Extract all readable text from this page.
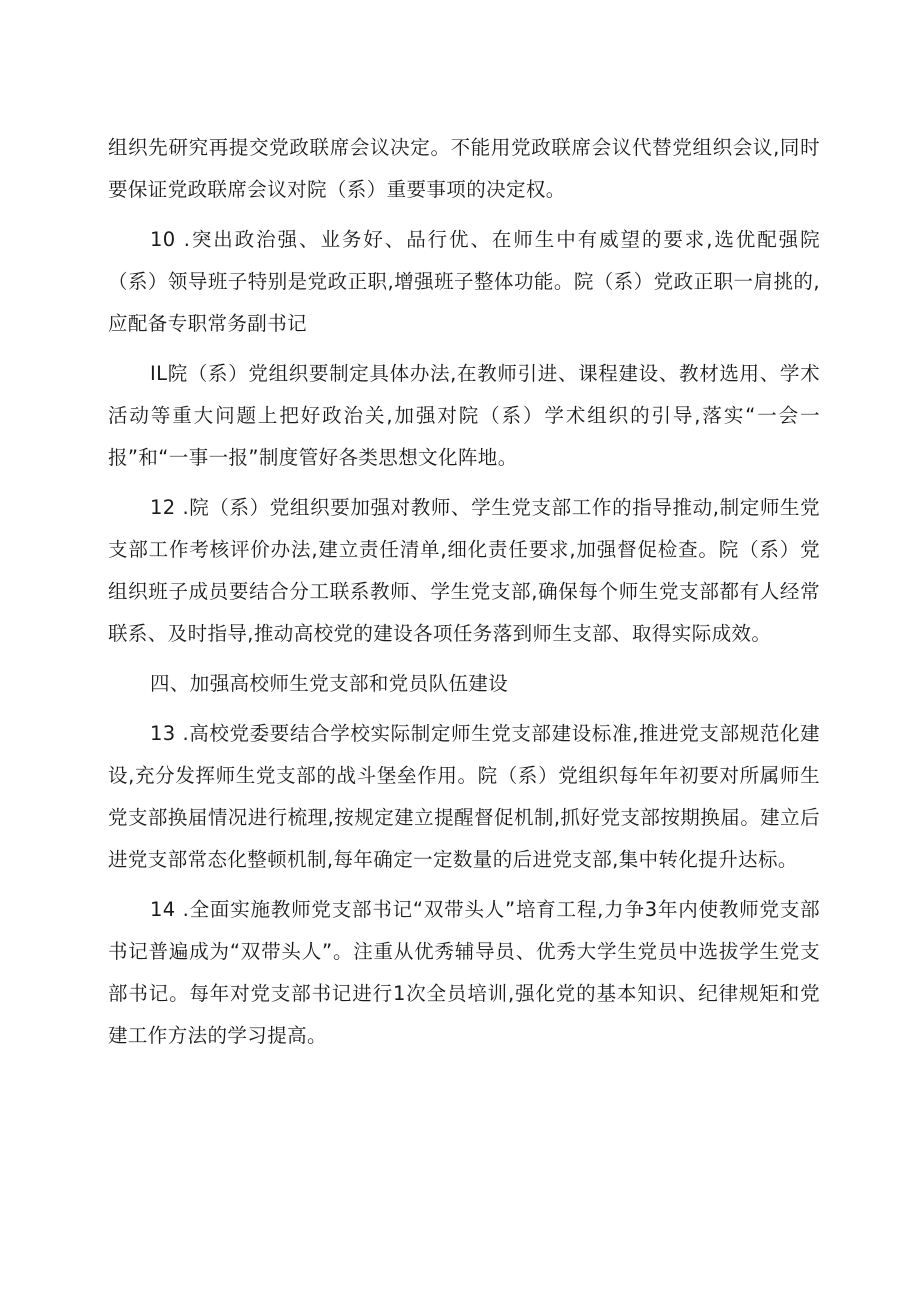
组织先研究再提交党政联席会议决定。不能用党政联席会议代替党组织会议,同时要保证党政联席会议对院（系）重要事项的决定权。

10 .突出政治强、业务好、品行优、在师生中有威望的要求,选优配强院（系）领导班子特别是党政正职,增强班子整体功能。院（系）党政正职一肩挑的,应配备专职常务副书记

IL院（系）党组织要制定具体办法,在教师引进、课程建设、教材选用、学术活动等重大问题上把好政治关,加强对院（系）学术组织的引导,落实“一会一报”和“一事一报”制度管好各类思想文化阵地。

12 .院（系）党组织要加强对教师、学生党支部工作的指导推动,制定师生党支部工作考核评价办法,建立责任清单,细化责任要求,加强督促检查。院（系）党组织班子成员要结合分工联系教师、学生党支部,确保每个师生党支部都有人经常联系、及时指导,推动高校党的建设各项任务落到师生支部、取得实际成效。

四、加强高校师生党支部和党员队伍建设

13 .高校党委要结合学校实际制定师生党支部建设标准,推进党支部规范化建设,充分发挥师生党支部的战斗堡垒作用。院（系）党组织每年年初要对所属师生党支部换届情况进行梳理,按规定建立提醒督促机制,抓好党支部按期换届。建立后进党支部常态化整顿机制,每年确定一定数量的后进党支部,集中转化提升达标。

14 .全面实施教师党支部书记“双带头人”培育工程,力争3年内使教师党支部书记普遍成为“双带头人”。注重从优秀辅导员、优秀大学生党员中选拔学生党支部书记。每年对党支部书记进行1次全员培训,强化党的基本知识、纪律规矩和党建工作方法的学习提高。
